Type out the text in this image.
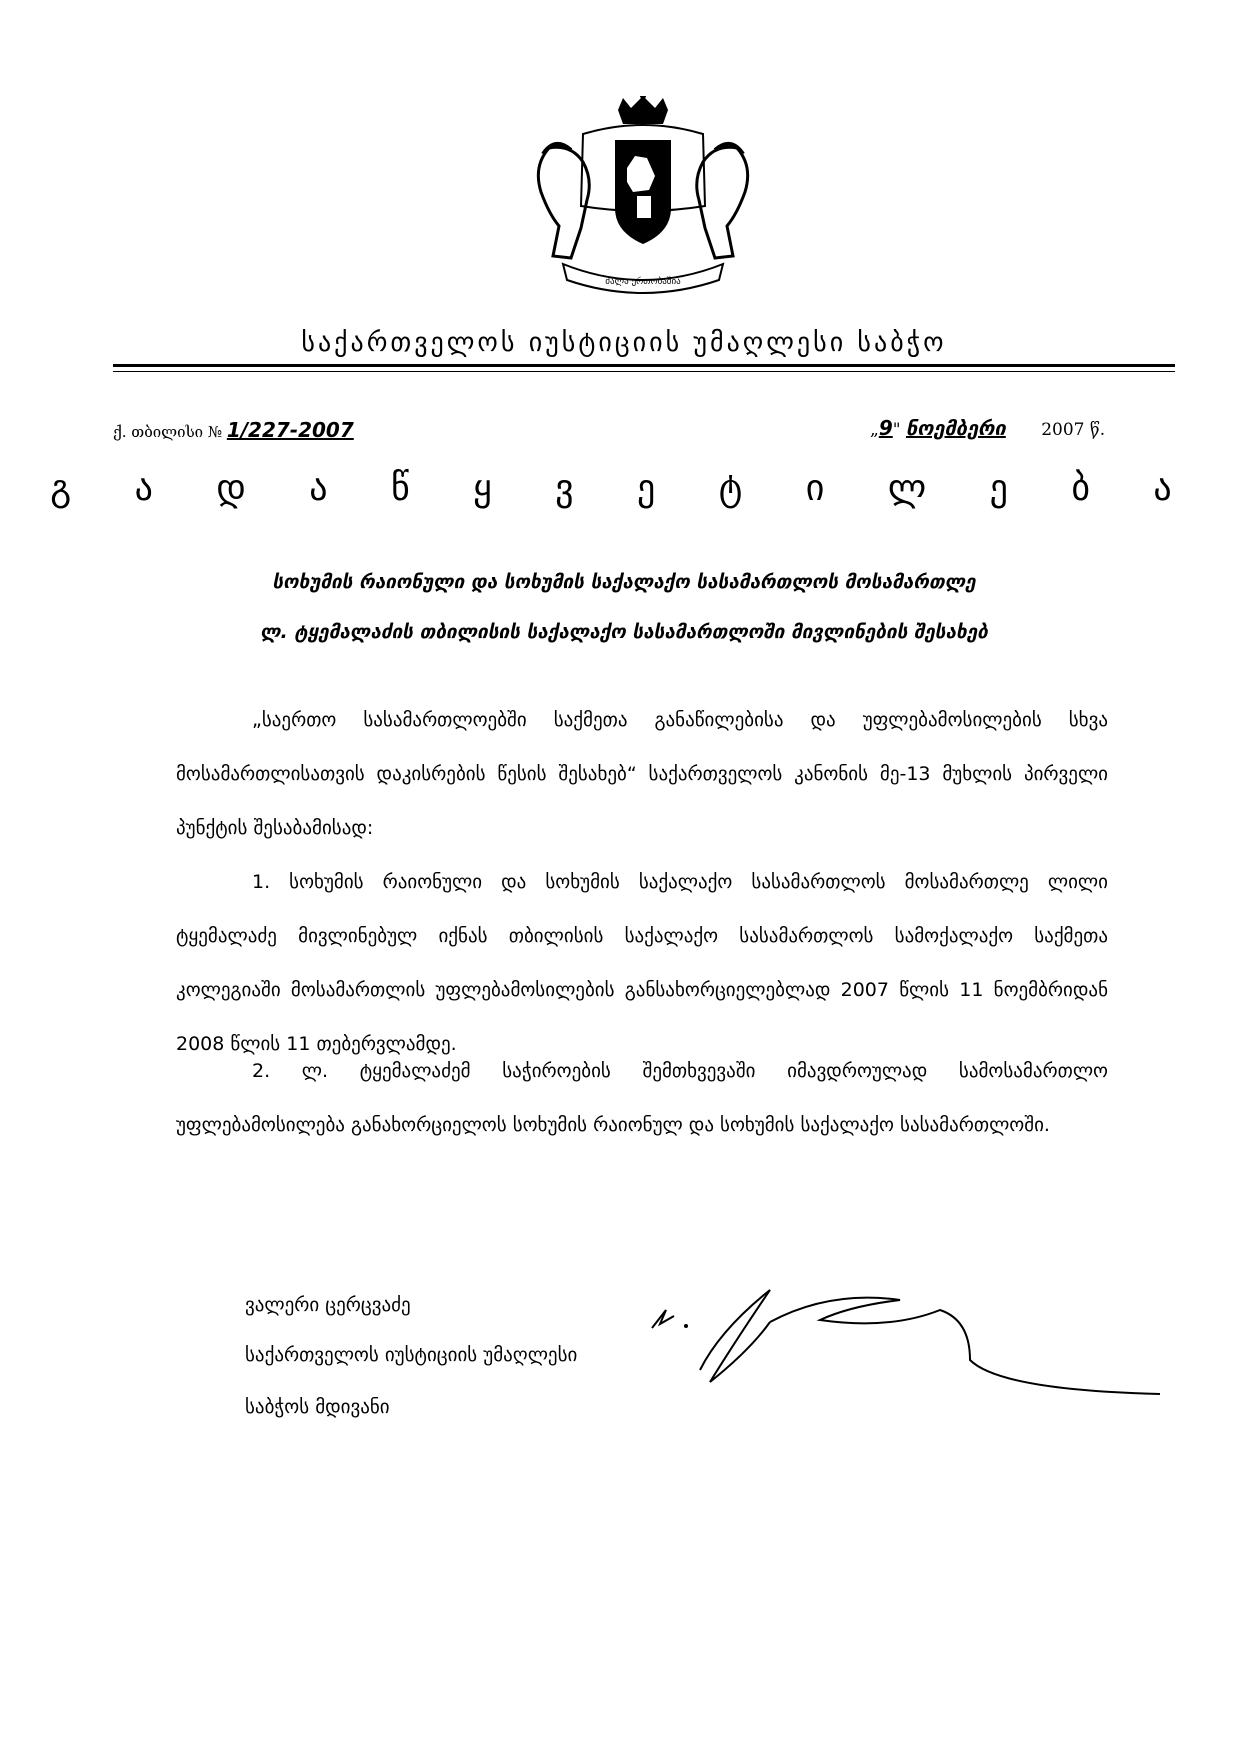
ძალა ერთობაშია
საქართველოს იუსტიციის უმაღლესი საბჭო
ქ. თბილისი № 1/227-2007	„9" ნოემბერი 2007 წ.
გ ა დ ა წ ყ ვ ე ტ ი ლ ე ბ ა
სოხუმის რაიონული და სოხუმის საქალაქო სასამართლოს მოსამართლე
ლ. ტყემალაძის თბილისის საქალაქო სასამართლოში მივლინების შესახებ
„საერთო სასამართლოებში საქმეთა განაწილებისა და უფლებამოსილების სხვა მოსამართლისათვის დაკისრების წესის შესახებ“ საქართველოს კანონის მე-13 მუხლის პირველი პუნქტის შესაბამისად:
1. სოხუმის რაიონული და სოხუმის საქალაქო სასამართლოს მოსამართლე ლილი ტყემალაძე მივლინებულ იქნას თბილისის საქალაქო სასამართლოს სამოქალაქო საქმეთა კოლეგიაში მოსამართლის უფლებამოსილების განსახორციელებლად 2007 წლის 11 ნოემბრიდან 2008 წლის 11 თებერვლამდე.
2. ლ. ტყემალაძემ საჭიროების შემთხვევაში იმავდროულად სამოსამართლო უფლებამოსილება განახორციელოს სოხუმის რაიონულ და სოხუმის საქალაქო სასამართლოში.
ვალერი ცერცვაძე
საქართველოს იუსტიციის უმაღლესი
საბჭოს მდივანი
